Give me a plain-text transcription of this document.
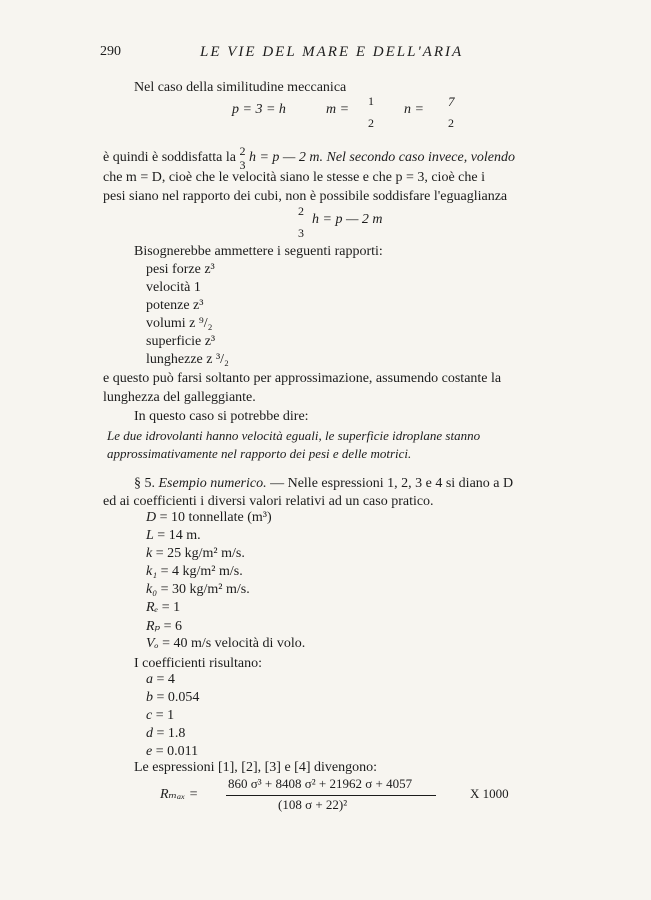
290	LE VIE DEL MARE E DELL'ARIA
Nel caso della similitudine meccanica
p = 3 = h	m =
1
2
n =
7
2
è quindi è soddisfatta la 2
3 h = p — 2 m. Nel secondo caso invece, volendo
che m = D, cioè che le velocità siano le stesse e che p = 3, cioè che i
pesi siano nel rapporto dei cubi, non è possibile soddisfare l'eguaglianza
2
3
h = p — 2 m
Bisognerebbe ammettere i seguenti rapporti:
pesi forze z³
velocità 1
potenze z³
volumi z ⁹/₂
superficie z³
lunghezze z ³/₂
e questo può farsi soltanto per approssimazione, assumendo costante la
lunghezza del galleggiante.
In questo caso si potrebbe dire:
Le due idrovolanti hanno velocità eguali, le superficie idroplane stanno
approssimativamente nel rapporto dei pesi e delle motrici.
§ 5. Esempio numerico. — Nelle espressioni 1, 2, 3 e 4 si diano a D
ed ai coefficienti i diversi valori relativi ad un caso pratico.
D = 10 tonnellate (m³)
L = 14 m.
k = 25 kg/m² m/s.
k₁ = 4 kg/m² m/s.
k₀ = 30 kg/m² m/s.
Rₑ = 1
Rₚ = 6
Vₒ = 40 m/s velocità di volo.
I coefficienti risultano:
a = 4
b = 0.054
c = 1
d = 1.8
e = 0.011
Le espressioni [1], [2], [3] e [4] divengono:
Rₘₐₓ =
860 σ³ + 8408 σ² + 21962 σ + 4057
(108 σ + 22)²
X 1000
